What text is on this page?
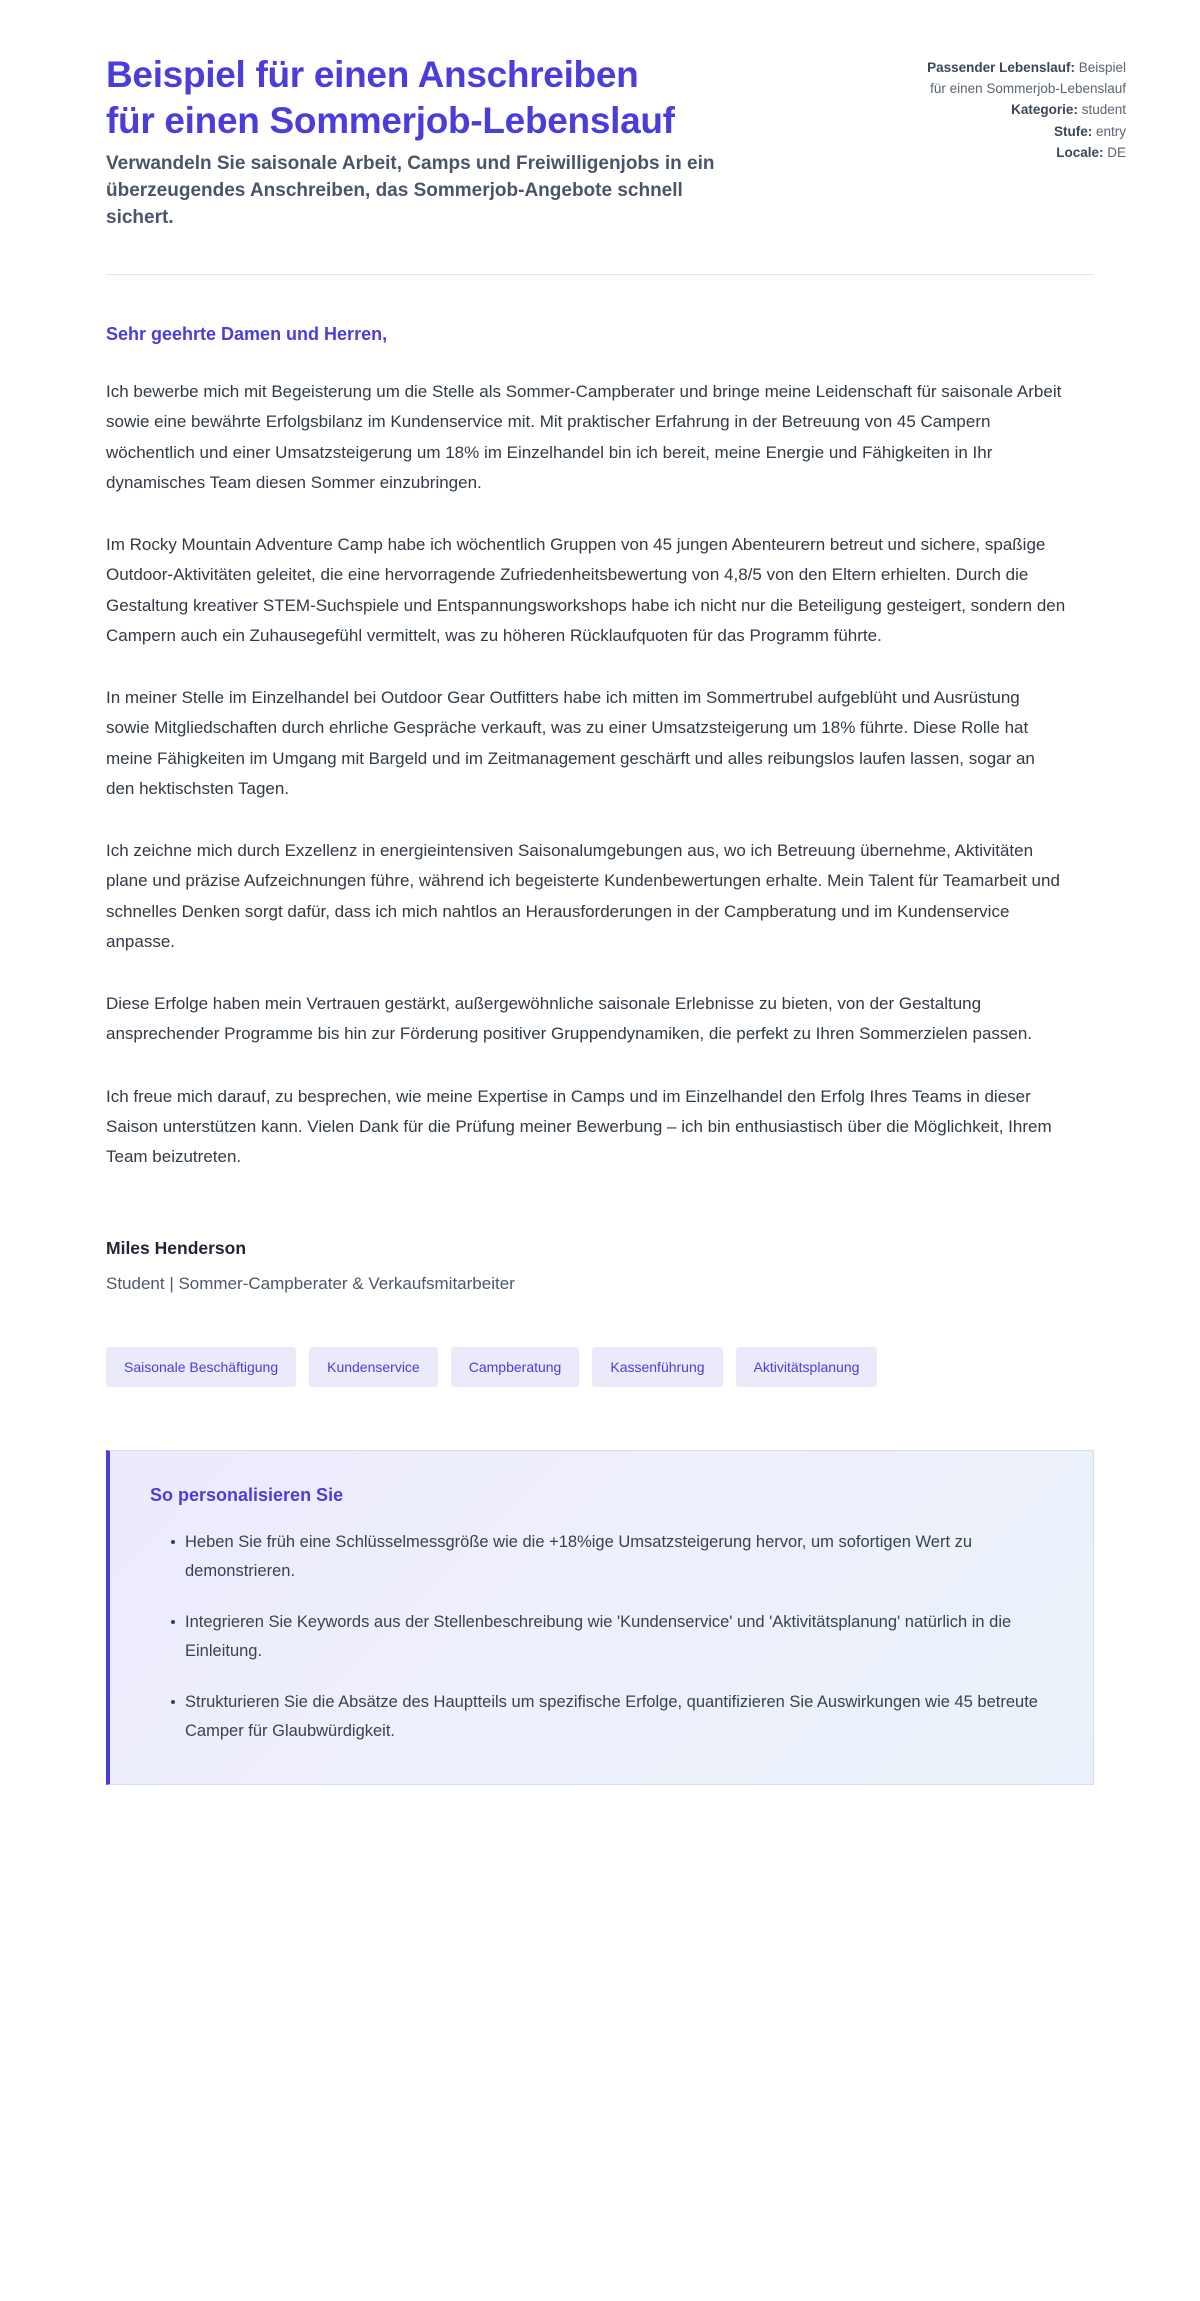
Beispiel für einen Anschreiben
für einen Sommerjob-Lebenslauf

Verwandeln Sie saisonale Arbeit, Camps und Freiwilligenjobs in ein überzeugendes Anschreiben, das Sommerjob-Angebote schnell sichert.

Passender Lebenslauf: Beispiel für einen Sommerjob-Lebenslauf
Kategorie: student
Stufe: entry
Locale: DE

Sehr geehrte Damen und Herren,

Ich bewerbe mich mit Begeisterung um die Stelle als Sommer-Campberater und bringe meine Leidenschaft für saisonale Arbeit sowie eine bewährte Erfolgsbilanz im Kundenservice mit. Mit praktischer Erfahrung in der Betreuung von 45 Campern wöchentlich und einer Umsatzsteigerung um 18% im Einzelhandel bin ich bereit, meine Energie und Fähigkeiten in Ihr dynamisches Team diesen Sommer einzubringen.

Im Rocky Mountain Adventure Camp habe ich wöchentlich Gruppen von 45 jungen Abenteurern betreut und sichere, spaßige Outdoor-Aktivitäten geleitet, die eine hervorragende Zufriedenheitsbewertung von 4,8/5 von den Eltern erhielten. Durch die Gestaltung kreativer STEM-Suchspiele und Entspannungsworkshops habe ich nicht nur die Beteiligung gesteigert, sondern den Campern auch ein Zuhausegefühl vermittelt, was zu höheren Rücklaufquoten für das Programm führte.

In meiner Stelle im Einzelhandel bei Outdoor Gear Outfitters habe ich mitten im Sommertrubel aufgeblüht und Ausrüstung sowie Mitgliedschaften durch ehrliche Gespräche verkauft, was zu einer Umsatzsteigerung um 18% führte. Diese Rolle hat meine Fähigkeiten im Umgang mit Bargeld und im Zeitmanagement geschärft und alles reibungslos laufen lassen, sogar an den hektischsten Tagen.

Ich zeichne mich durch Exzellenz in energieintensiven Saisonalumgebungen aus, wo ich Betreuung übernehme, Aktivitäten plane und präzise Aufzeichnungen führe, während ich begeisterte Kundenbewertungen erhalte. Mein Talent für Teamarbeit und schnelles Denken sorgt dafür, dass ich mich nahtlos an Herausforderungen in der Campberatung und im Kundenservice anpasse.

Diese Erfolge haben mein Vertrauen gestärkt, außergewöhnliche saisonale Erlebnisse zu bieten, von der Gestaltung ansprechender Programme bis hin zur Förderung positiver Gruppendynamiken, die perfekt zu Ihren Sommerzielen passen.

Ich freue mich darauf, zu besprechen, wie meine Expertise in Camps und im Einzelhandel den Erfolg Ihres Teams in dieser Saison unterstützen kann. Vielen Dank für die Prüfung meiner Bewerbung – ich bin enthusiastisch über die Möglichkeit, Ihrem Team beizutreten.

Miles Henderson

Student | Sommer-Campberater & Verkaufsmitarbeiter

Saisonale Beschäftigung	Kundenservice	Campberatung	Kassenführung	Aktivitätsplanung

So personalisieren Sie

Heben Sie früh eine Schlüsselmessgröße wie die +18%ige Umsatzsteigerung hervor, um sofortigen Wert zu demonstrieren.
Integrieren Sie Keywords aus der Stellenbeschreibung wie 'Kundenservice' und 'Aktivitätsplanung' natürlich in die Einleitung.
Strukturieren Sie die Absätze des Hauptteils um spezifische Erfolge, quantifizieren Sie Auswirkungen wie 45 betreute Camper für Glaubwürdigkeit.
